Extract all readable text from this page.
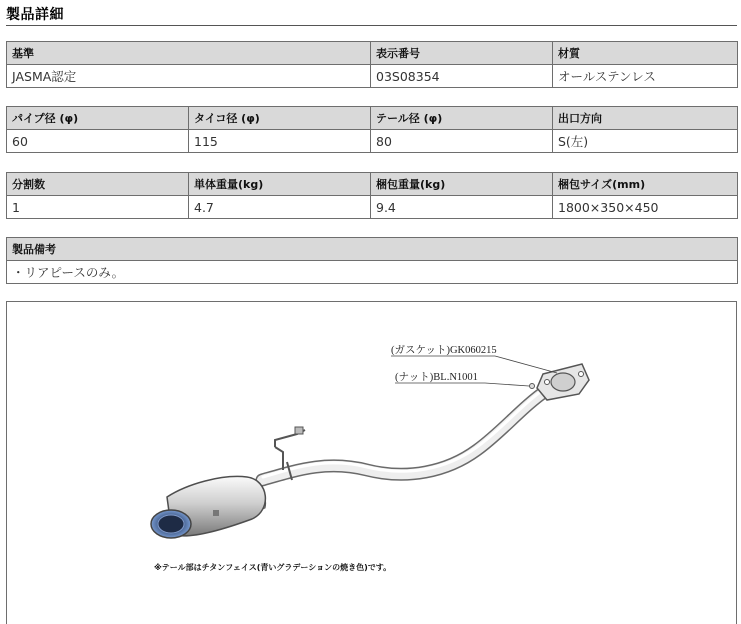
製品詳細
基準	表示番号	材質
JASMA認定	03S08354	オールステンレス
パイプ径 (φ)	タイコ径 (φ)	テール径 (φ)	出口方向
60	115	80	S(左)
分割数	単体重量(kg)	梱包重量(kg)	梱包サイズ(mm)
1	4.7	9.4	1800×350×450
製品備考
・リアピースのみ。
(ガスケット)GK060215
(ナット)BL.N1001
※テール部はチタンフェイス(青いグラデーションの焼き色)です。
